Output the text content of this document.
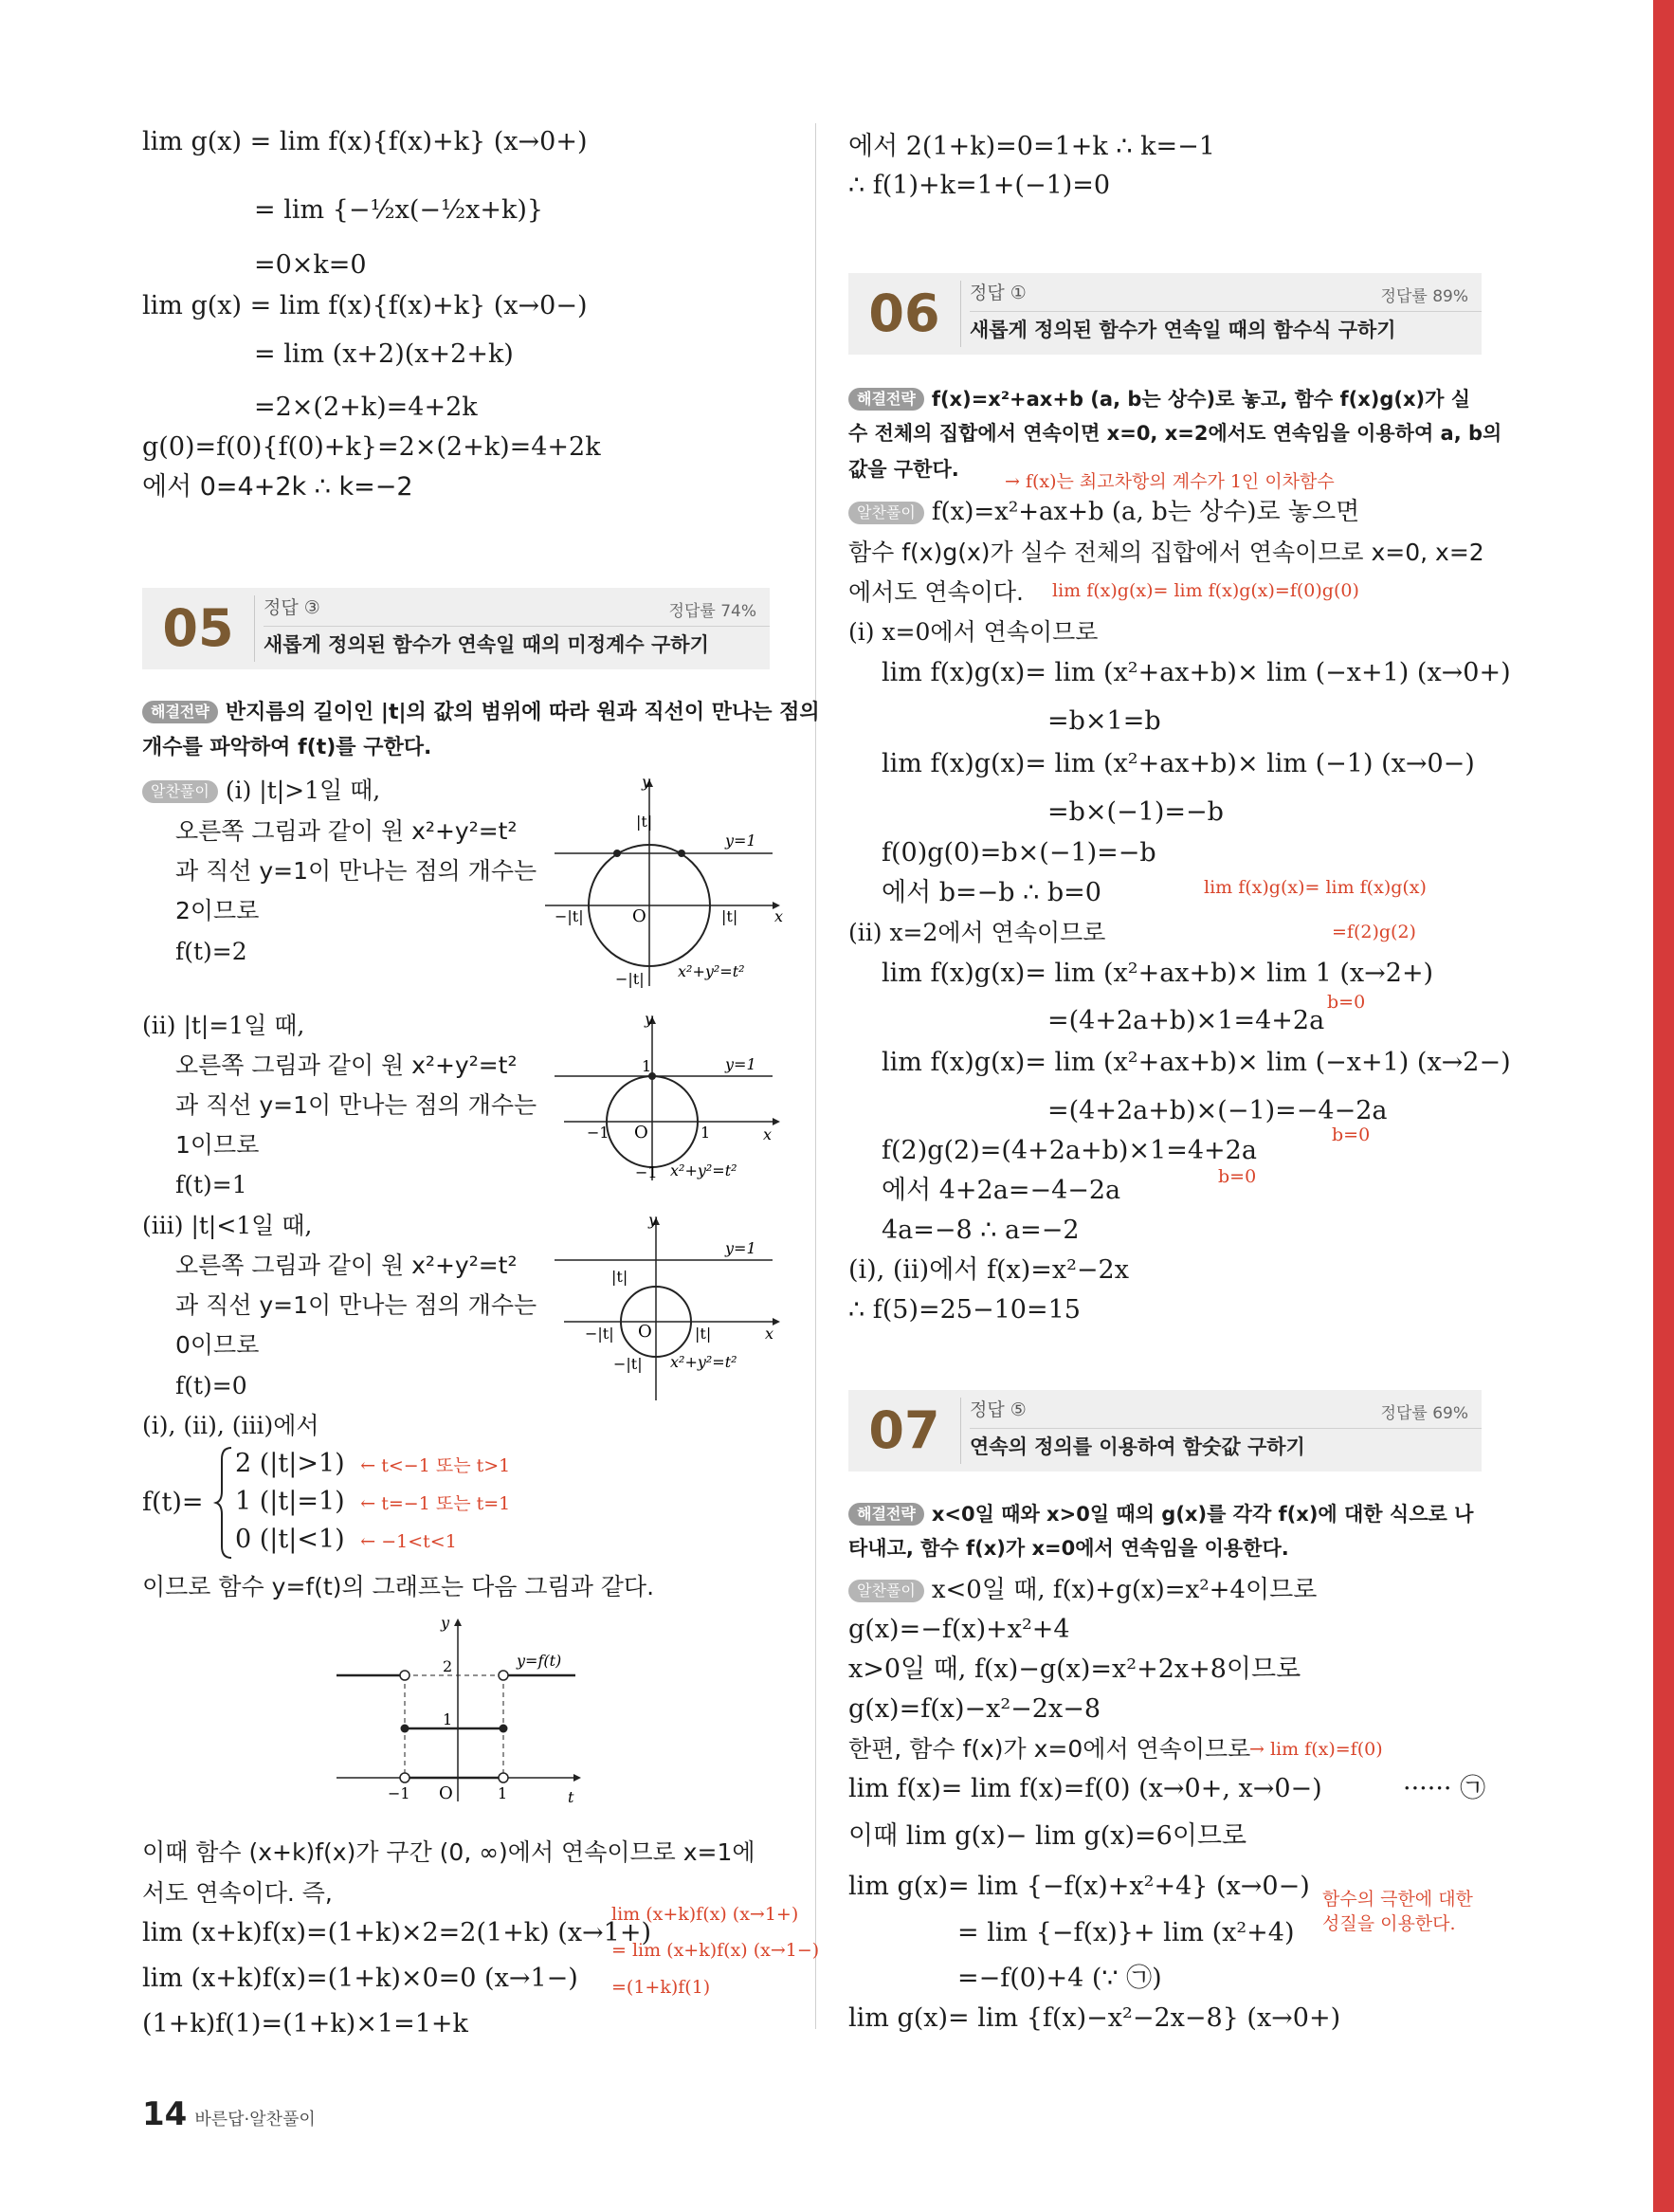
lim g(x) = lim f(x){f(x)+k} (x→0+)
= lim {−½x(−½x+k)}
=0×k=0
lim g(x) = lim f(x){f(x)+k} (x→0−)
= lim (x+2)(x+2+k)
=2×(2+k)=4+2k
g(0)=f(0){f(0)+k}=2×(2+k)=4+2k
에서 0=4+2k ∴ k=−2
05	정답 ③	정답률 74%
새롭게 정의된 함수가 연속일 때의 미정계수 구하기
해결전략 반지름의 길이인 |t|의 값의 범위에 따라 원과 직선이 만나는 점의
개수를 파악하여 f(t)를 구한다.
알찬풀이 (i) |t|>1일 때,
오른쪽 그림과 같이 원 x²+y²=t²
과 직선 y=1이 만나는 점의 개수는
2이므로
f(t)=2
y
x
O
|t|
|t|
−|t|
−|t|
y=1
x²+y²=t²
(ii) |t|=1일 때,
오른쪽 그림과 같이 원 x²+y²=t²
과 직선 y=1이 만나는 점의 개수는
1이므로
f(t)=1
y
x
O
1
1
−1
−1
y=1
x²+y²=t²
(iii) |t|<1일 때,
오른쪽 그림과 같이 원 x²+y²=t²
과 직선 y=1이 만나는 점의 개수는
0이므로
f(t)=0
y
x
O
|t|
|t|
−|t|
−|t|
y=1
x²+y²=t²
(i), (ii), (iii)에서
f(t)=
2 (|t|>1) ← t<−1 또는 t>1
1 (|t|=1) ← t=−1 또는 t=1
0 (|t|<1) ← −1<t<1
이므로 함수 y=f(t)의 그래프는 다음 그림과 같다.
y
t
O
2
1
1
−1
y=f(t)
이때 함수 (x+k)f(x)가 구간 (0, ∞)에서 연속이므로 x=1에
서도 연속이다. 즉,
lim (x+k)f(x)=(1+k)×2=2(1+k) (x→1+)
lim (x+k)f(x)=(1+k)×0=0 (x→1−)
(1+k)f(1)=(1+k)×1=1+k
lim (x+k)f(x) (x→1+)
= lim (x+k)f(x) (x→1−)
=(1+k)f(1)
에서 2(1+k)=0=1+k ∴ k=−1
∴ f(1)+k=1+(−1)=0
06	정답 ①	정답률 89%
새롭게 정의된 함수가 연속일 때의 함수식 구하기
해결전략 f(x)=x²+ax+b (a, b는 상수)로 놓고, 함수 f(x)g(x)가 실
수 전체의 집합에서 연속이면 x=0, x=2에서도 연속임을 이용하여 a, b의
값을 구한다.
→ f(x)는 최고차항의 계수가 1인 이차함수
알찬풀이 f(x)=x²+ax+b (a, b는 상수)로 놓으면
함수 f(x)g(x)가 실수 전체의 집합에서 연속이므로 x=0, x=2
에서도 연속이다. lim f(x)g(x)= lim f(x)g(x)=f(0)g(0)
(i) x=0에서 연속이므로
lim f(x)g(x)= lim (x²+ax+b)× lim (−x+1) (x→0+)
=b×1=b
lim f(x)g(x)= lim (x²+ax+b)× lim (−1) (x→0−)
=b×(−1)=−b
f(0)g(0)=b×(−1)=−b
에서 b=−b ∴ b=0	lim f(x)g(x)= lim f(x)g(x)
=f(2)g(2)
(ii) x=2에서 연속이므로
lim f(x)g(x)= lim (x²+ax+b)× lim 1 (x→2+)
b=0
=(4+2a+b)×1=4+2a
lim f(x)g(x)= lim (x²+ax+b)× lim (−x+1) (x→2−)
=(4+2a+b)×(−1)=−4−2a
b=0
f(2)g(2)=(4+2a+b)×1=4+2a
b=0
에서 4+2a=−4−2a
4a=−8 ∴ a=−2
(i), (ii)에서 f(x)=x²−2x
∴ f(5)=25−10=15
07	정답 ⑤	정답률 69%
연속의 정의를 이용하여 함숫값 구하기
해결전략 x<0일 때와 x>0일 때의 g(x)를 각각 f(x)에 대한 식으로 나
타내고, 함수 f(x)가 x=0에서 연속임을 이용한다.
알찬풀이 x<0일 때, f(x)+g(x)=x²+4이므로
g(x)=−f(x)+x²+4
x>0일 때, f(x)−g(x)=x²+2x+8이므로
g(x)=f(x)−x²−2x−8
한편, 함수 f(x)가 x=0에서 연속이므로
→ lim f(x)=f(0)
lim f(x)= lim f(x)=f(0) (x→0+, x→0−)	······ ㉠
이때 lim g(x)− lim g(x)=6이므로
lim g(x)= lim {−f(x)+x²+4} (x→0−) 함수의 극한에 대한
성질을 이용한다.
= lim {−f(x)}+ lim (x²+4)
=−f(0)+4 (∵ ㉠)
lim g(x)= lim {f(x)−x²−2x−8} (x→0+)
14 바른답·알찬풀이
